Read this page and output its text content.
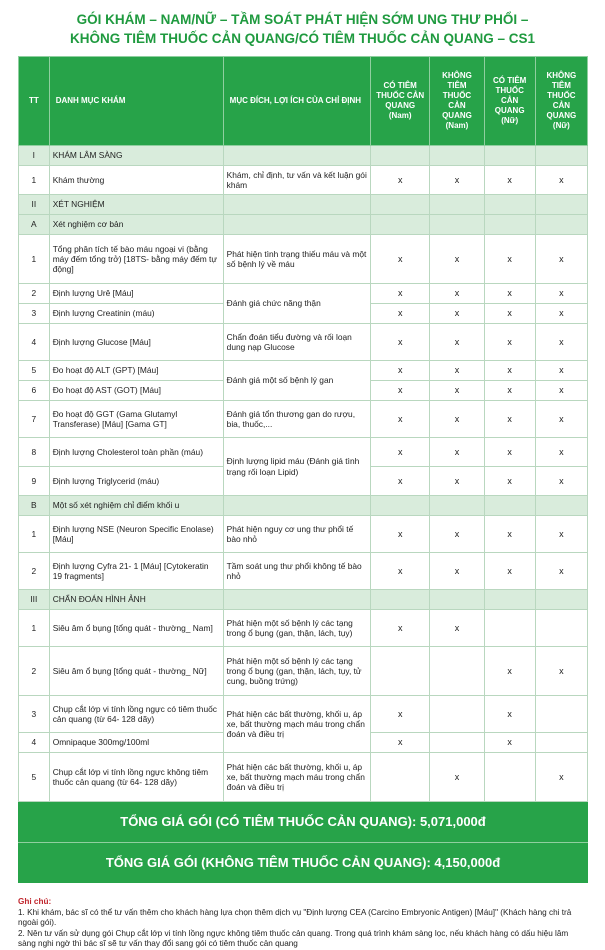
GÓI KHÁM – NAM/NỮ – TẦM SOÁT PHÁT HIỆN SỚM UNG THƯ PHỔI –
KHÔNG TIÊM THUỐC CẢN QUANG/CÓ TIÊM THUỐC CẢN QUANG – CS1
TT	DANH MỤC KHÁM	MỤC ĐÍCH, LỢI ÍCH CỦA CHỈ ĐỊNH	CÓ TIÊM THUỐC CẢN QUANG (Nam)	KHÔNG TIÊM THUỐC CẢN QUANG (Nam)	CÓ TIÊM THUỐC CẢN QUANG (Nữ)	KHÔNG TIÊM THUỐC CẢN QUANG (Nữ)
I	KHÁM LÂM SÀNG					
1	Khám thường	Khám, chỉ định, tư vấn và kết luận gói khám	x	x	x	x
II	XÉT NGHIỆM					
A	Xét nghiệm cơ bản					
1	Tổng phân tích tế bào máu ngoại vi (bằng máy đếm tổng trở) [18TS- bằng máy đếm tự động]	Phát hiện tình trạng thiếu máu và một số bệnh lý về máu	x	x	x	x
2	Định lượng Urê [Máu]	Đánh giá chức năng thận	x	x	x	x
3	Định lượng Creatinin (máu)		x	x	x	x
4	Định lượng Glucose [Máu]	Chẩn đoán tiểu đường và rối loạn dung nạp Glucose	x	x	x	x
5	Đo hoạt độ ALT (GPT) [Máu]	Đánh giá một số bệnh lý gan	x	x	x	x
6	Đo hoạt độ AST (GOT) [Máu]		x	x	x	x
7	Đo hoạt độ GGT (Gama Glutamyl Transferase) [Máu] [Gama GT]	Đánh giá tổn thương gan do rượu, bia, thuốc,...	x	x	x	x
8	Định lượng Cholesterol toàn phần (máu)	Định lượng lipid máu (Đánh giá tình trạng rối loạn Lipid)	x	x	x	x
9	Định lượng Triglycerid (máu)		x	x	x	x
B	Một số xét nghiệm chỉ điểm khối u					
1	Định lượng NSE (Neuron Specific Enolase) [Máu]	Phát hiện nguy cơ ung thư phổi tế bào nhỏ	x	x	x	x
2	Định lượng Cyfra 21- 1 [Máu] [Cytokeratin 19 fragments]	Tầm soát ung thư phổi không tế bào nhỏ	x	x	x	x
III	CHẨN ĐOÁN HÌNH ẢNH					
1	Siêu âm ổ bụng [tổng quát - thường_ Nam]	Phát hiện một số bệnh lý các tạng trong ổ bụng (gan, thận, lách, tụy)	x	x		
2	Siêu âm ổ bụng [tổng quát - thường_ Nữ]	Phát hiện một số bệnh lý các tạng trong ổ bụng (gan, thận, lách, tụy, tử cung, buồng trứng)			x	x
3	Chụp cắt lớp vi tính lồng ngực có tiêm thuốc cản quang (từ 64- 128 dãy)	Phát hiện các bất thường, khối u, áp xe, bất thường mạch máu trong chẩn đoán và điều trị	x		x	
4	Omnipaque 300mg/100ml		x		x	
5	Chụp cắt lớp vi tính lồng ngực không tiêm thuốc cản quang (từ 64- 128 dãy)	Phát hiện các bất thường, khối u, áp xe, bất thường mạch máu trong chẩn đoán và điều trị		x		x
TỔNG GIÁ GÓI (CÓ TIÊM THUỐC CẢN QUANG): 5,071,000đ
TỔNG GIÁ GÓI (KHÔNG TIÊM THUỐC CẢN QUANG): 4,150,000đ
Ghi chú:
1. Khi khám, bác sĩ có thể tư vấn thêm cho khách hàng lựa chọn thêm dịch vụ "Định lượng CEA (Carcino Embryonic Antigen) [Máu]" (Khách hàng chi trả ngoài gói).
2. Nên tư vấn sử dụng gói Chụp cắt lớp vi tính lồng ngực không tiêm thuốc cản quang. Trong quá trình khám sàng lọc, nếu khách hàng có dấu hiệu lâm sàng nghi ngờ thì bác sĩ sẽ tư vấn thay đổi sang gói có tiêm thuốc cản quang
